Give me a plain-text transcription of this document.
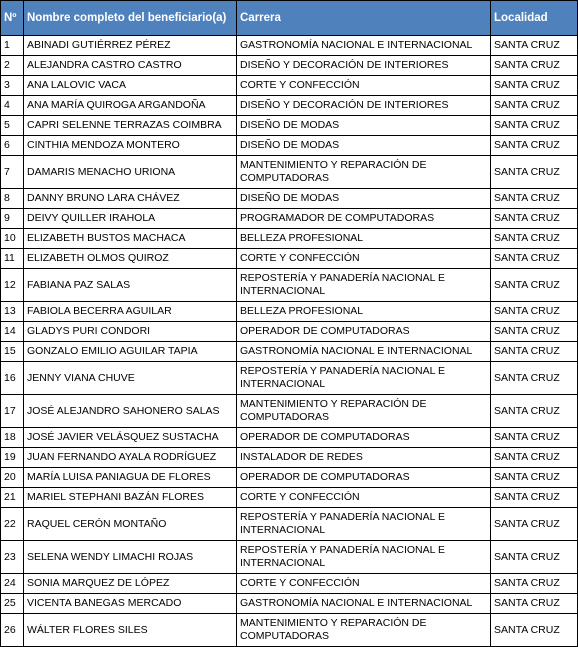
Nº	Nombre completo del beneficiario(a)	Carrera	Localidad
1	ABINADI GUTIÉRREZ PÉREZ	GASTRONOMÍA NACIONAL E INTERNACIONAL	SANTA CRUZ
2	ALEJANDRA CASTRO CASTRO	DISEÑO Y DECORACIÓN DE INTERIORES	SANTA CRUZ
3	ANA LALOVIC VACA	CORTE Y CONFECCIÓN	SANTA CRUZ
4	ANA MARÍA QUIROGA ARGANDOÑA	DISEÑO Y DECORACIÓN DE INTERIORES	SANTA CRUZ
5	CAPRI SELENNE TERRAZAS COIMBRA	DISEÑO DE MODAS	SANTA CRUZ
6	CINTHIA MENDOZA MONTERO	DISEÑO DE MODAS	SANTA CRUZ
7	DAMARIS MENACHO URIONA	MANTENIMIENTO Y REPARACIÓN DE COMPUTADORAS	SANTA CRUZ
8	DANNY BRUNO LARA CHÁVEZ	DISEÑO DE MODAS	SANTA CRUZ
9	DEIVY QUILLER IRAHOLA	PROGRAMADOR DE COMPUTADORAS	SANTA CRUZ
10	ELIZABETH BUSTOS MACHACA	BELLEZA PROFESIONAL	SANTA CRUZ
11	ELIZABETH OLMOS QUIROZ	CORTE Y CONFECCIÓN	SANTA CRUZ
12	FABIANA PAZ SALAS	REPOSTERÍA Y PANADERÍA NACIONAL E INTERNACIONAL	SANTA CRUZ
13	FABIOLA BECERRA AGUILAR	BELLEZA PROFESIONAL	SANTA CRUZ
14	GLADYS PURI CONDORI	OPERADOR DE COMPUTADORAS	SANTA CRUZ
15	GONZALO EMILIO AGUILAR TAPIA	GASTRONOMÍA NACIONAL E INTERNACIONAL	SANTA CRUZ
16	JENNY VIANA CHUVE	REPOSTERÍA Y PANADERÍA NACIONAL E INTERNACIONAL	SANTA CRUZ
17	JOSÉ ALEJANDRO SAHONERO SALAS	MANTENIMIENTO Y REPARACIÓN DE COMPUTADORAS	SANTA CRUZ
18	JOSÉ JAVIER VELÁSQUEZ SUSTACHA	OPERADOR DE COMPUTADORAS	SANTA CRUZ
19	JUAN FERNANDO AYALA RODRÍGUEZ	INSTALADOR DE REDES	SANTA CRUZ
20	MARÍA LUISA PANIAGUA DE FLORES	OPERADOR DE COMPUTADORAS	SANTA CRUZ
21	MARIEL STEPHANI BAZÁN FLORES	CORTE Y CONFECCIÓN	SANTA CRUZ
22	RAQUEL CERÓN MONTAÑO	REPOSTERÍA Y PANADERÍA NACIONAL E INTERNACIONAL	SANTA CRUZ
23	SELENA WENDY LIMACHI ROJAS	REPOSTERÍA Y PANADERÍA NACIONAL E INTERNACIONAL	SANTA CRUZ
24	SONIA MARQUEZ DE LÓPEZ	CORTE Y CONFECCIÓN	SANTA CRUZ
25	VICENTA BANEGAS MERCADO	GASTRONOMÍA NACIONAL E INTERNACIONAL	SANTA CRUZ
26	WÁLTER FLORES SILES	MANTENIMIENTO Y REPARACIÓN DE COMPUTADORAS	SANTA CRUZ
